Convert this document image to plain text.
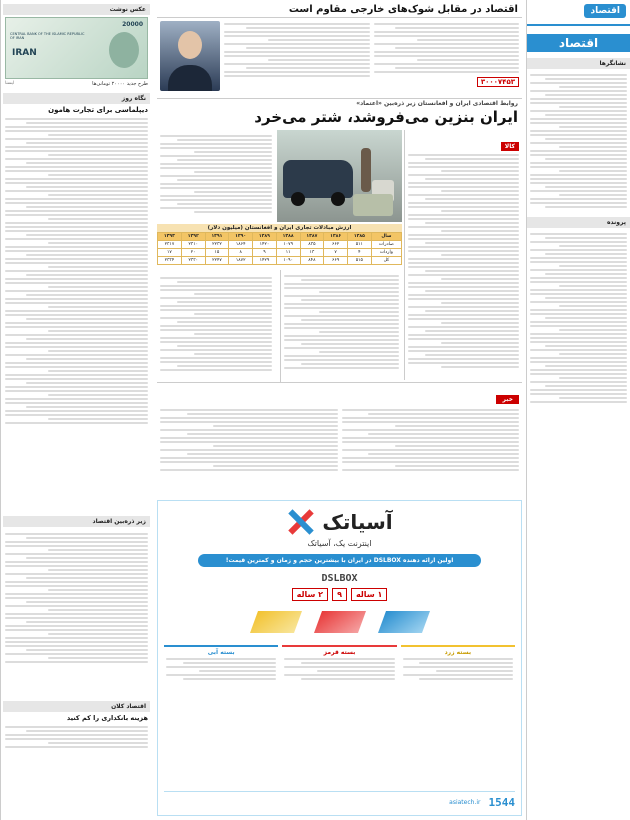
اقتصاد
اقتصاد
نشانگرها
پرونده
اقتصاد در مقابل شوک‌های خارجی مقاوم است
۳۰۰۰۷۴۵۳
روابط اقتصادی ایران و افغانستان زیر ذره‌بین «اعتماد»
ایران بنزین می‌فروشد، شتر می‌خرد
کالا
ارزش مبادلات تجاری ایران و افغانستان (میلیون دلار)
سال	۱۳۸۵	۱۳۸۶	۱۳۸۷	۱۳۸۸	۱۳۸۹	۱۳۹۰	۱۳۹۱	۱۳۹۲	۱۳۹۳
صادرات	۵۱۱	۶۶۲	۸۳۵	۱۰۷۹	۱۴۲۰	۱۸۶۴	۲۲۳۲	۲۳۱۰	۲۳۱۷
واردات	۴	۷	۱۳	۱۱	۹	۸	۱۵	۲۰	۱۷
کل	۵۱۵	۶۶۹	۸۴۸	۱۰۹۰	۱۴۲۹	۱۸۷۲	۲۲۴۷	۲۳۳۰	۲۳۳۴
خبر
آسیاتک
اینترنت یک، آسیاتک
اولین ارائه دهنده DSLBOX در ایران با بیشترین حجم و زمان و کمترین قیمت!
DSLBOX
۱ ساله
۹
۲ ساله
بسته زرد
بسته قرمز
بسته آبی
1544
asiatech.ir
عکس نوشت
20000
CENTRAL BANK OF THE ISLAMIC REPUBLIC OF IRAN
IRAN
طرح جدید ۲۰۰۰۰ تومانی‌ها
ایسنا
نگاه روز
دیپلماسی برای تجارت هامون
زیر ذره‌بین اقتصاد
اقتصاد کلان
هزینه بانکداری را کم کنید
